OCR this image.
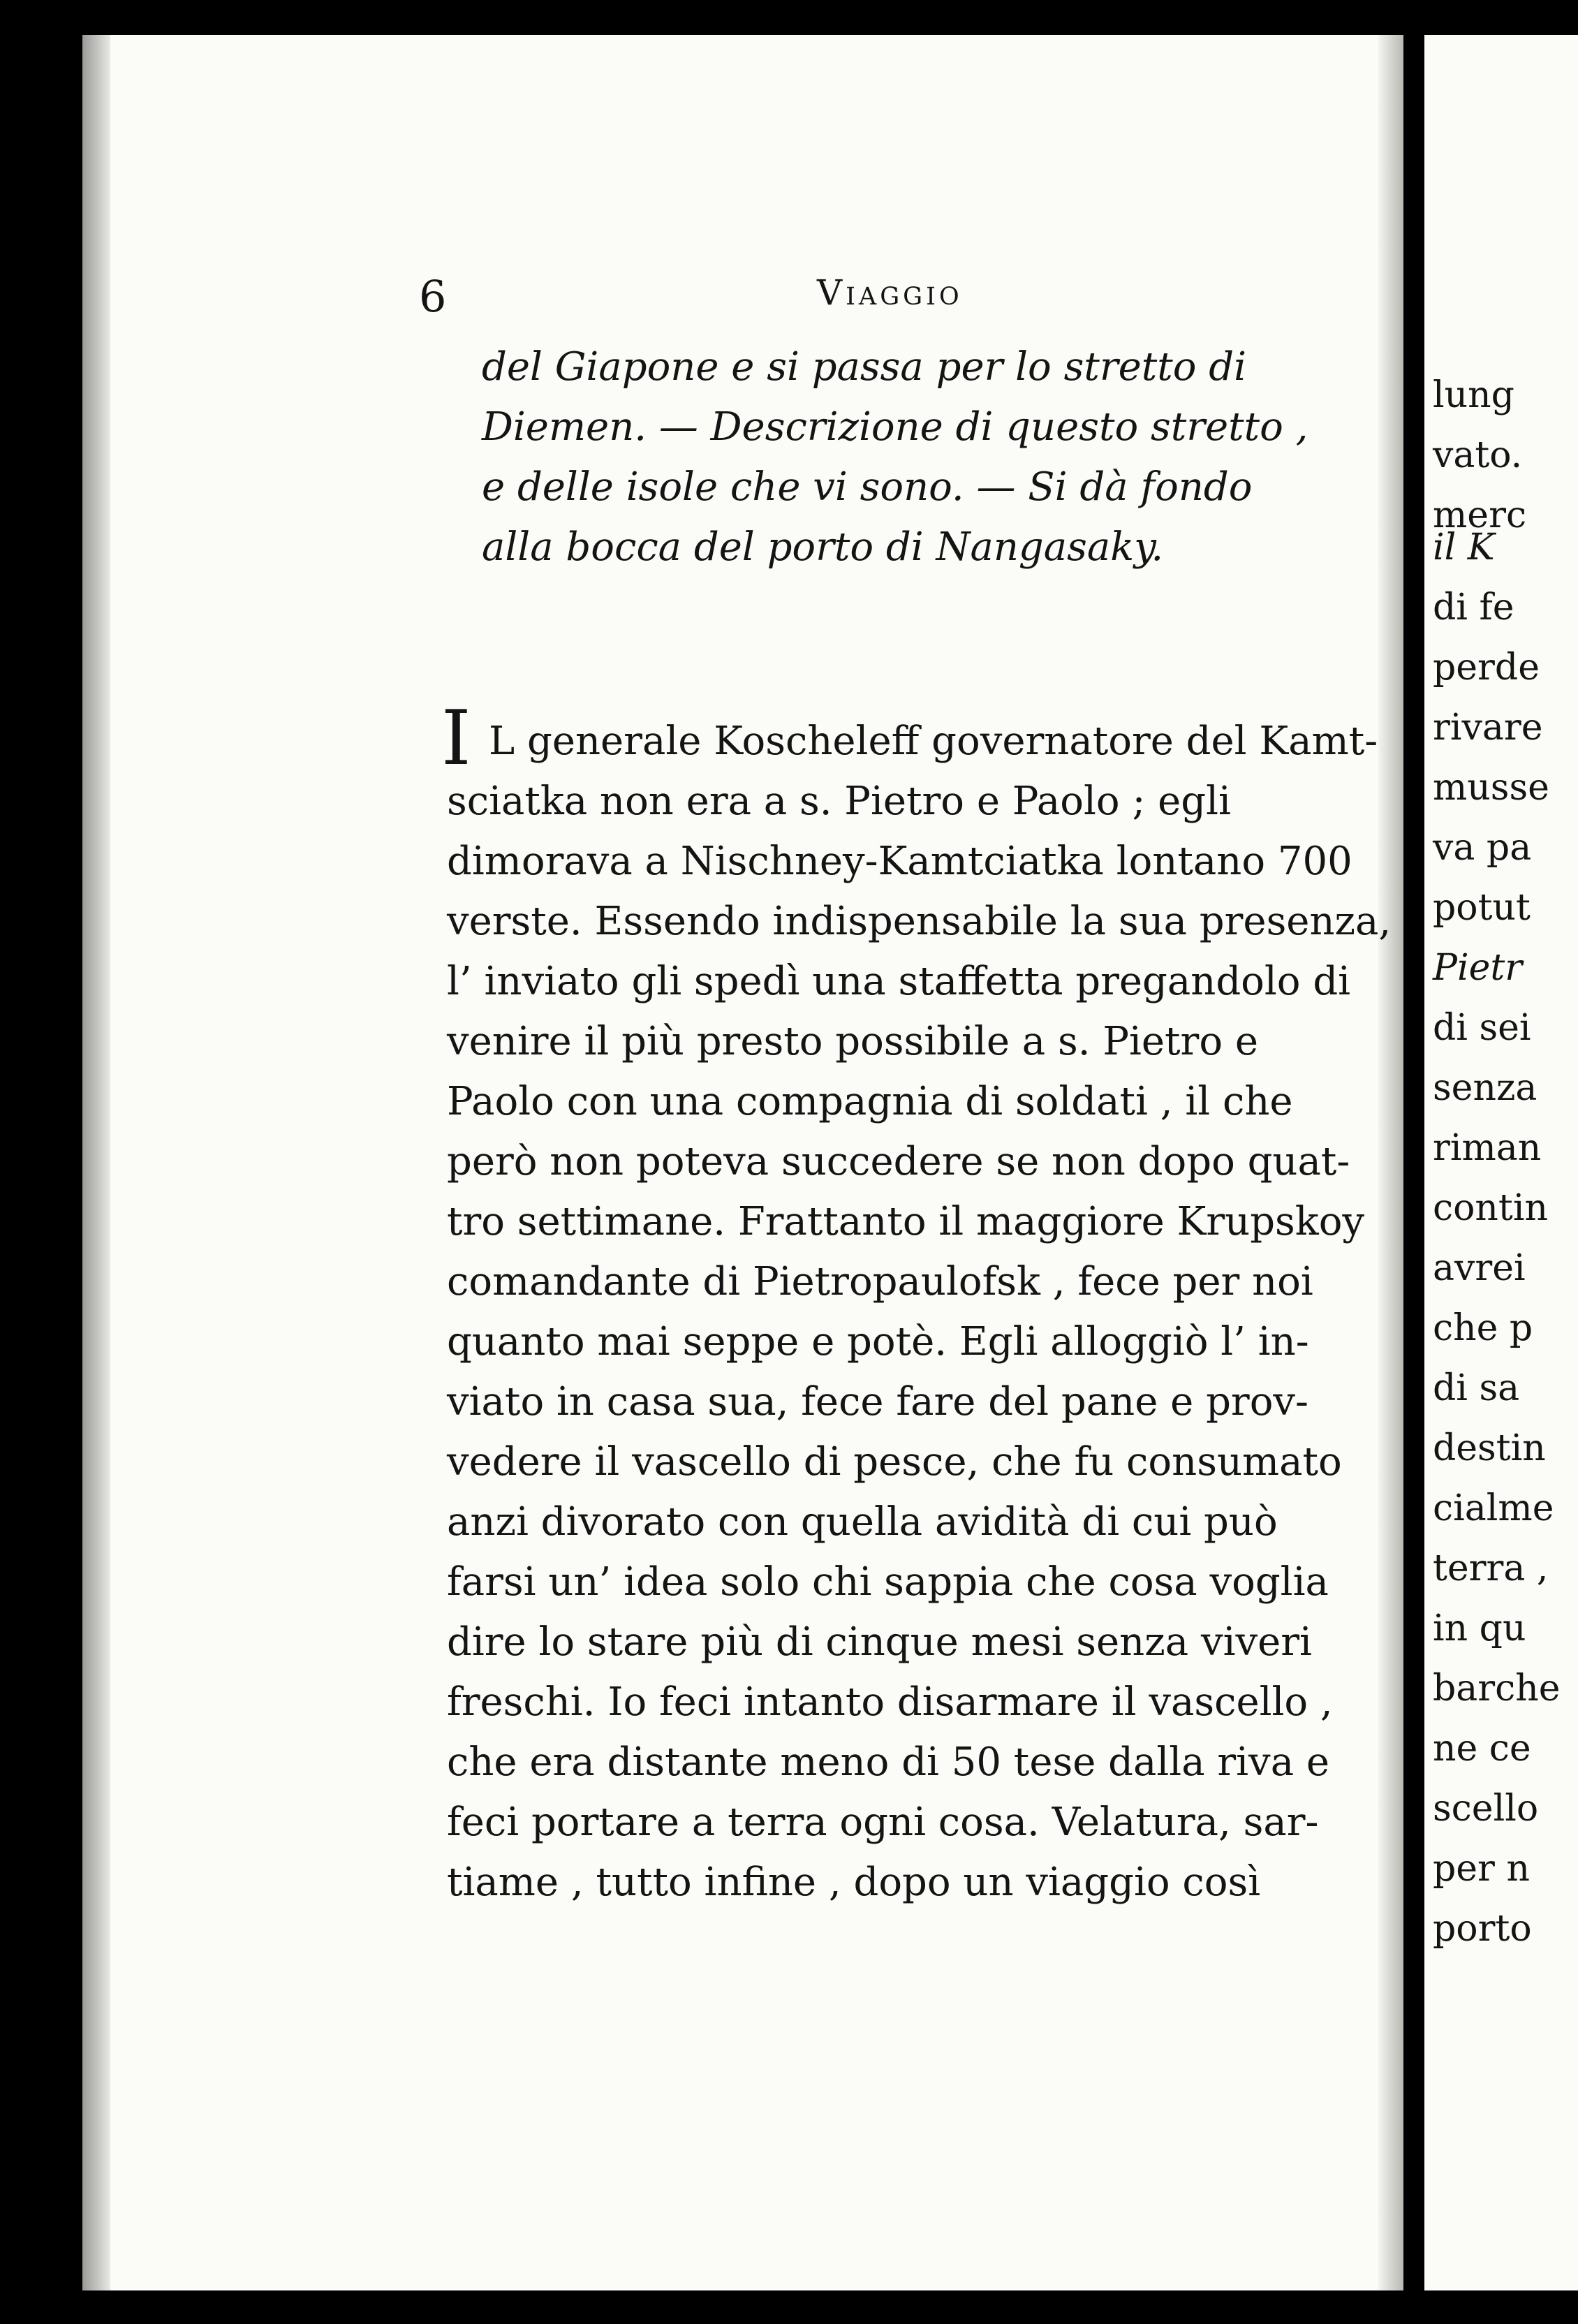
6	Viaggio
del Giapone e si passa per lo stretto di
Diemen. — Descrizione di questo stretto ,
e delle isole che vi sono. — Si dà fondo
alla bocca del porto di Nangasaky.
I L generale Koscheleff governatore del Kamt-
sciatka non era a s. Pietro e Paolo ; egli
dimorava a Nischney-Kamtciatka lontano 700
verste. Essendo indispensabile la sua presenza,
l’ inviato gli spedì una staffetta pregandolo di
venire il più presto possibile a s. Pietro e
Paolo con una compagnia di soldati , il che
però non poteva succedere se non dopo quat-
tro settimane. Frattanto il maggiore Krupskoy
comandante di Pietropaulofsk , fece per noi
quanto mai seppe e potè. Egli alloggiò l’ in-
viato in casa sua, fece fare del pane e prov-
vedere il vascello di pesce, che fu consumato
anzi divorato con quella avidità di cui può
farsi un’ idea solo chi sappia che cosa voglia
dire lo stare più di cinque mesi senza viveri
freschi. Io feci intanto disarmare il vascello ,
che era distante meno di 50 tese dalla riva e
feci portare a terra ogni cosa. Velatura, sar-
tiame , tutto infine , dopo un viaggio così
lung
vato.
merc
il K
di fe
perde
rivare
musse
va pa
potut
Pietr
di sei
senza
riman
contin
avrei
che p
di sa
destin
cialme
terra ,
in qu
barche
ne ce
scello
per n
porto
